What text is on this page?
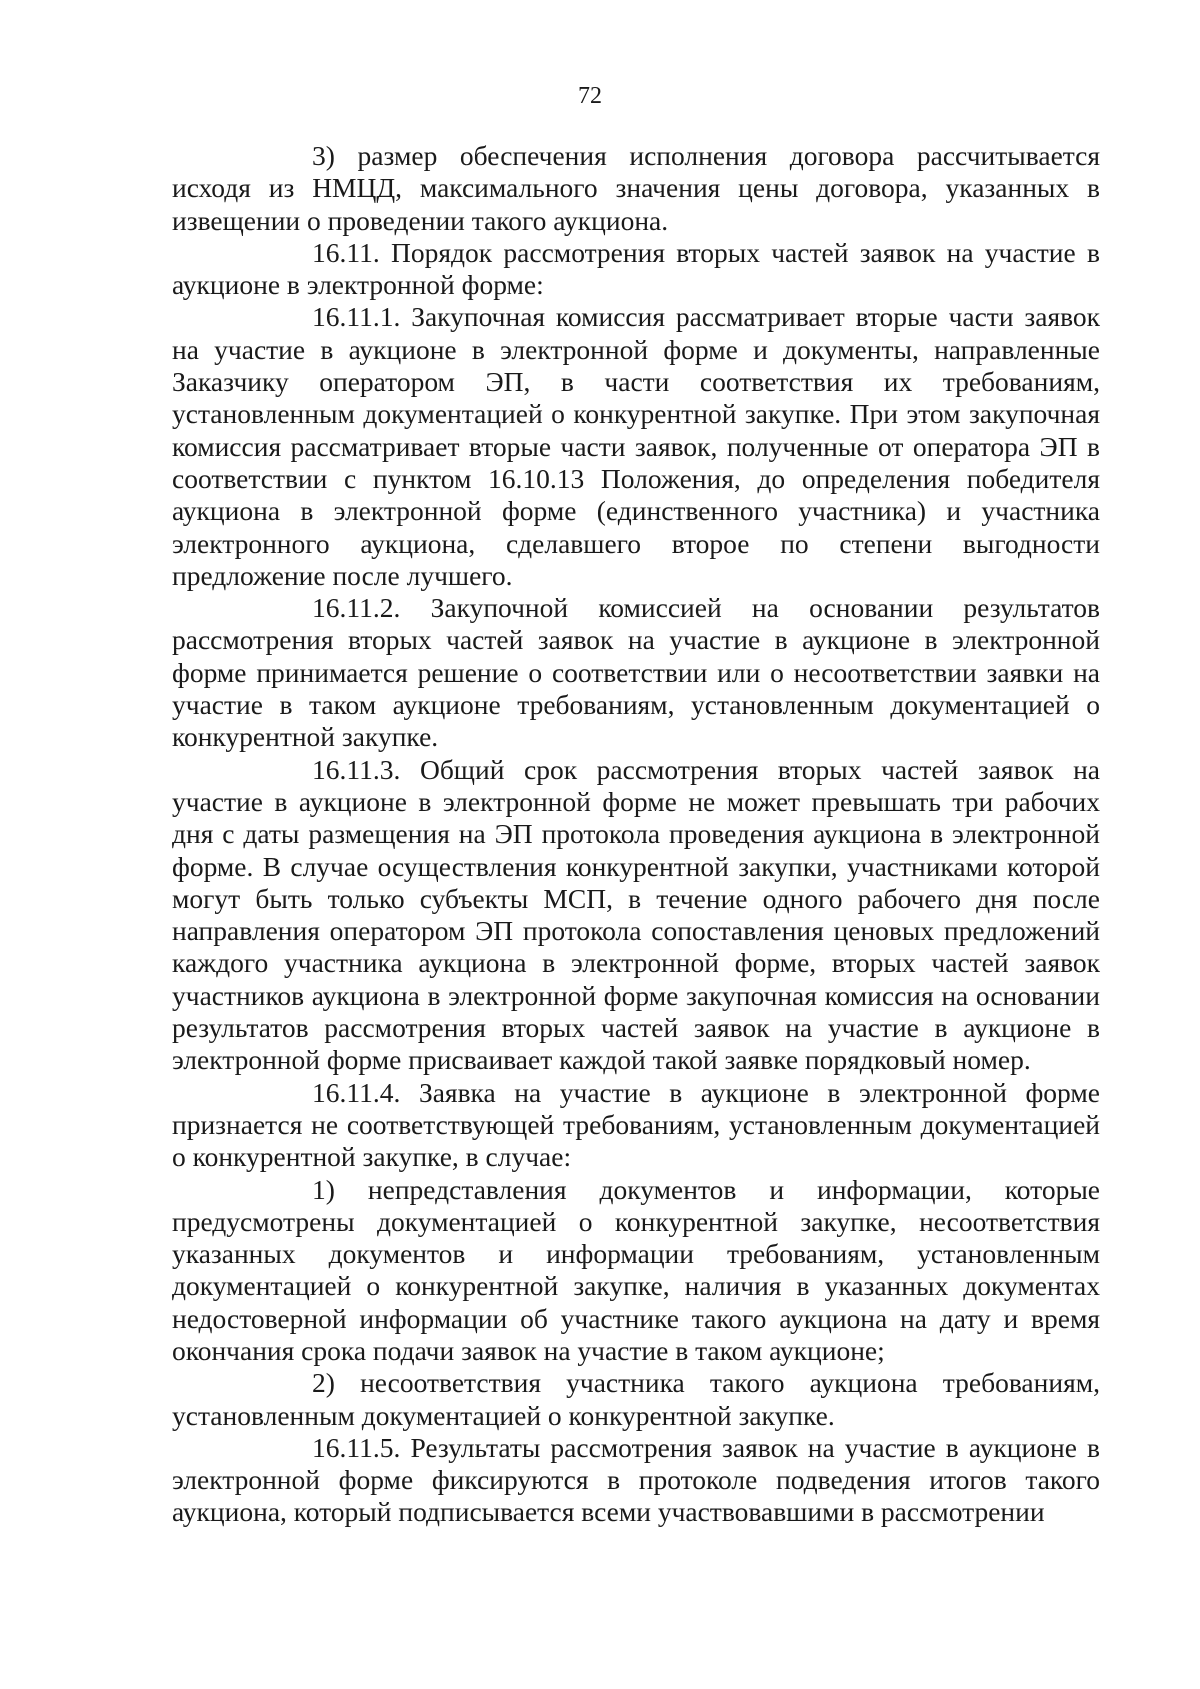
72

3) размер обеспечения исполнения договора рассчитывается исходя из НМЦД, максимального значения цены договора, указанных в извещении о проведении такого аукциона.

16.11. Порядок рассмотрения вторых частей заявок на участие в аукционе в электронной форме:

16.11.1. Закупочная комиссия рассматривает вторые части заявок на участие в аукционе в электронной форме и документы, направленные Заказчику оператором ЭП, в части соответствия их требованиям, установленным документацией о конкурентной закупке. При этом закупочная комиссия рассматривает вторые части заявок, полученные от оператора ЭП в соответствии с пунктом 16.10.13 Положения, до определения победителя аукциона в электронной форме (единственного участника) и участника электронного аукциона, сделавшего второе по степени выгодности предложение после лучшего.

16.11.2. Закупочной комиссией на основании результатов рассмотрения вторых частей заявок на участие в аукционе в электронной форме принимается решение о соответствии или о несоответствии заявки на участие в таком аукционе требованиям, установленным документацией о конкурентной закупке.

16.11.3. Общий срок рассмотрения вторых частей заявок на участие в аукционе в электронной форме не может превышать три рабочих дня с даты размещения на ЭП протокола проведения аукциона в электронной форме. В случае осуществления конкурентной закупки, участниками которой могут быть только субъекты МСП, в течение одного рабочего дня после направления оператором ЭП протокола сопоставления ценовых предложений каждого участника аукциона в электронной форме, вторых частей заявок участников аукциона в электронной форме закупочная комиссия на основании результатов рассмотрения вторых частей заявок на участие в аукционе в электронной форме присваивает каждой такой заявке порядковый номер.

16.11.4. Заявка на участие в аукционе в электронной форме признается не соответствующей требованиям, установленным документацией о конкурентной закупке, в случае:

1) непредставления документов и информации, которые предусмотрены документацией о конкурентной закупке, несоответствия указанных документов и информации требованиям, установленным документацией о конкурентной закупке, наличия в указанных документах недостоверной информации об участнике такого аукциона на дату и время окончания срока подачи заявок на участие в таком аукционе;

2) несоответствия участника такого аукциона требованиям, установленным документацией о конкурентной закупке.

16.11.5. Результаты рассмотрения заявок на участие в аукционе в электронной форме фиксируются в протоколе подведения итогов такого аукциона, который подписывается всеми участвовавшими в рассмотрении
